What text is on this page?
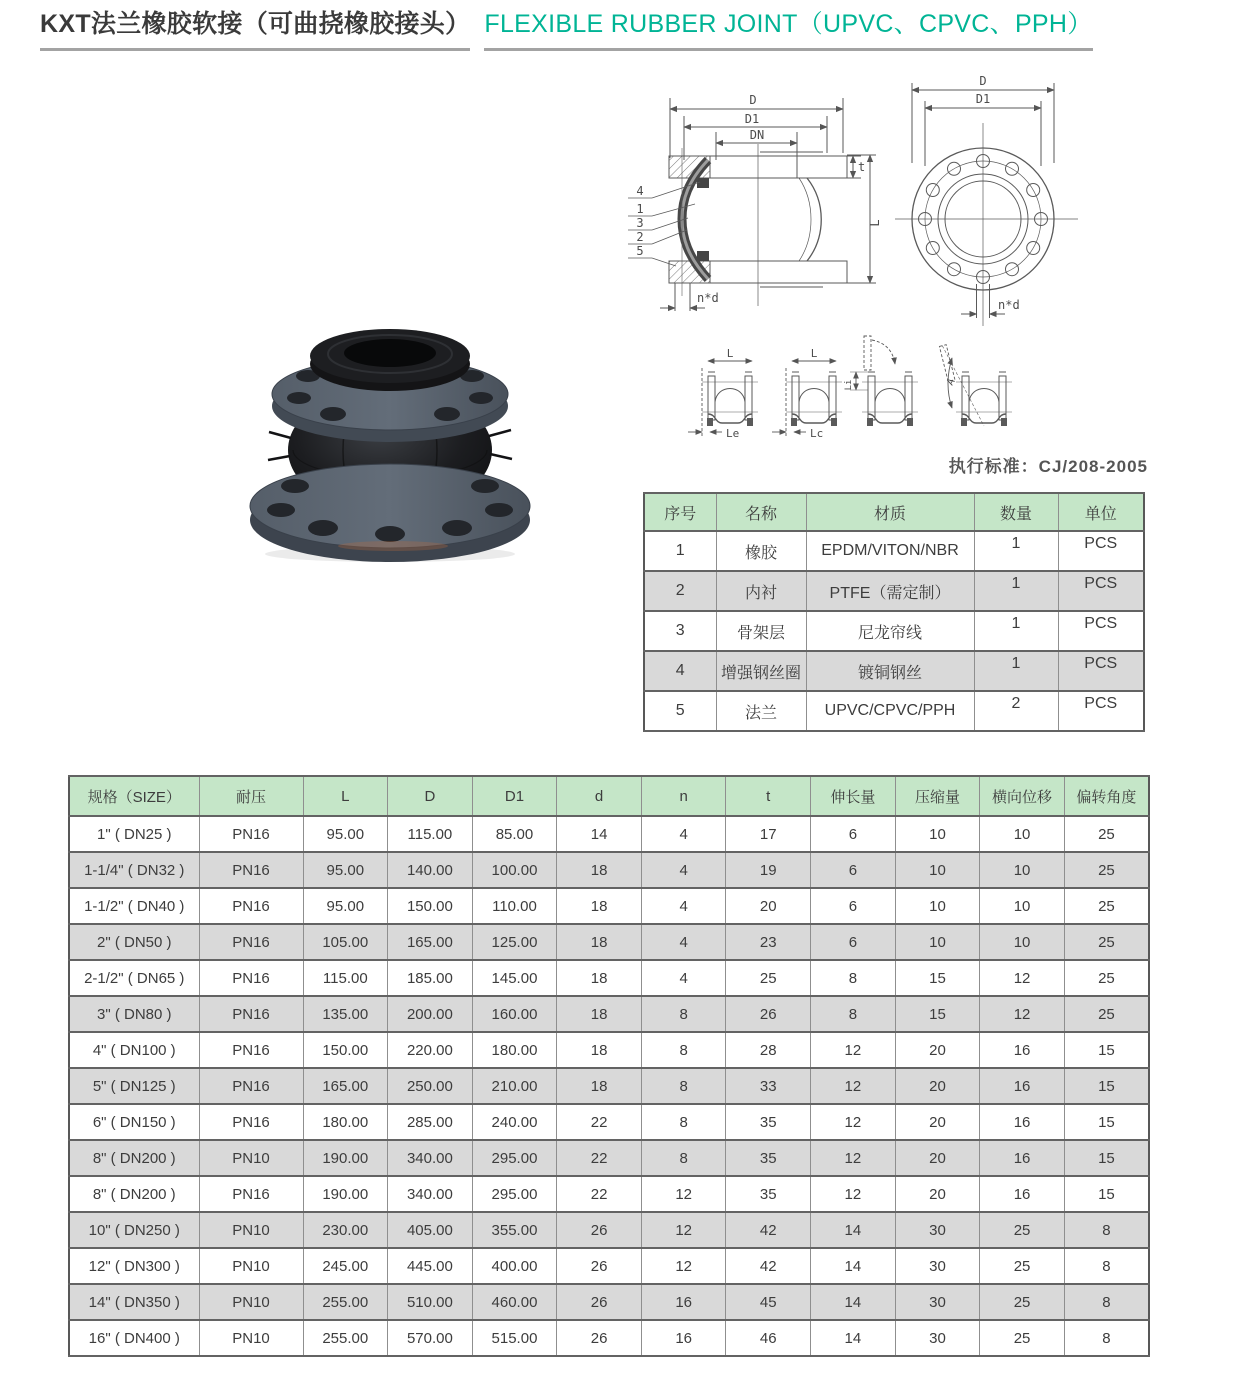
KXT法兰橡胶软接（可曲挠橡胶接头） FLEXIBLE RUBBER JOINT（UPVC、CPVC、PPH）
D
D1
DN
t
L
n*d
4
1
3
2
5
D
D1
n*d
L
Le
L
Lc
Li	A
执行标准：CJ/208-2005
序号	名称	材质	数量	单位
1	橡胶	EPDM/VITON/NBR	1	PCS
2	内衬	PTFE（需定制）	1	PCS
3	骨架层	尼龙帘线	1	PCS
4	增强钢丝圈	镀铜钢丝	1	PCS
5	法兰	UPVC/CPVC/PPH	2	PCS
规格（SIZE）	耐压	L	D	D1	d	n	t	伸长量	压缩量	横向位移	偏转角度
1" ( DN25 )	PN16	95.00	115.00	85.00	14	4	17	6	10	10	25
1-1/4" ( DN32 )	PN16	95.00	140.00	100.00	18	4	19	6	10	10	25
1-1/2" ( DN40 )	PN16	95.00	150.00	110.00	18	4	20	6	10	10	25
2" ( DN50 )	PN16	105.00	165.00	125.00	18	4	23	6	10	10	25
2-1/2" ( DN65 )	PN16	115.00	185.00	145.00	18	4	25	8	15	12	25
3" ( DN80 )	PN16	135.00	200.00	160.00	18	8	26	8	15	12	25
4" ( DN100 )	PN16	150.00	220.00	180.00	18	8	28	12	20	16	15
5" ( DN125 )	PN16	165.00	250.00	210.00	18	8	33	12	20	16	15
6" ( DN150 )	PN16	180.00	285.00	240.00	22	8	35	12	20	16	15
8" ( DN200 )	PN10	190.00	340.00	295.00	22	8	35	12	20	16	15
8" ( DN200 )	PN16	190.00	340.00	295.00	22	12	35	12	20	16	15
10" ( DN250 )	PN10	230.00	405.00	355.00	26	12	42	14	30	25	8
12" ( DN300 )	PN10	245.00	445.00	400.00	26	12	42	14	30	25	8
14" ( DN350 )	PN10	255.00	510.00	460.00	26	16	45	14	30	25	8
16" ( DN400 )	PN10	255.00	570.00	515.00	26	16	46	14	30	25	8
